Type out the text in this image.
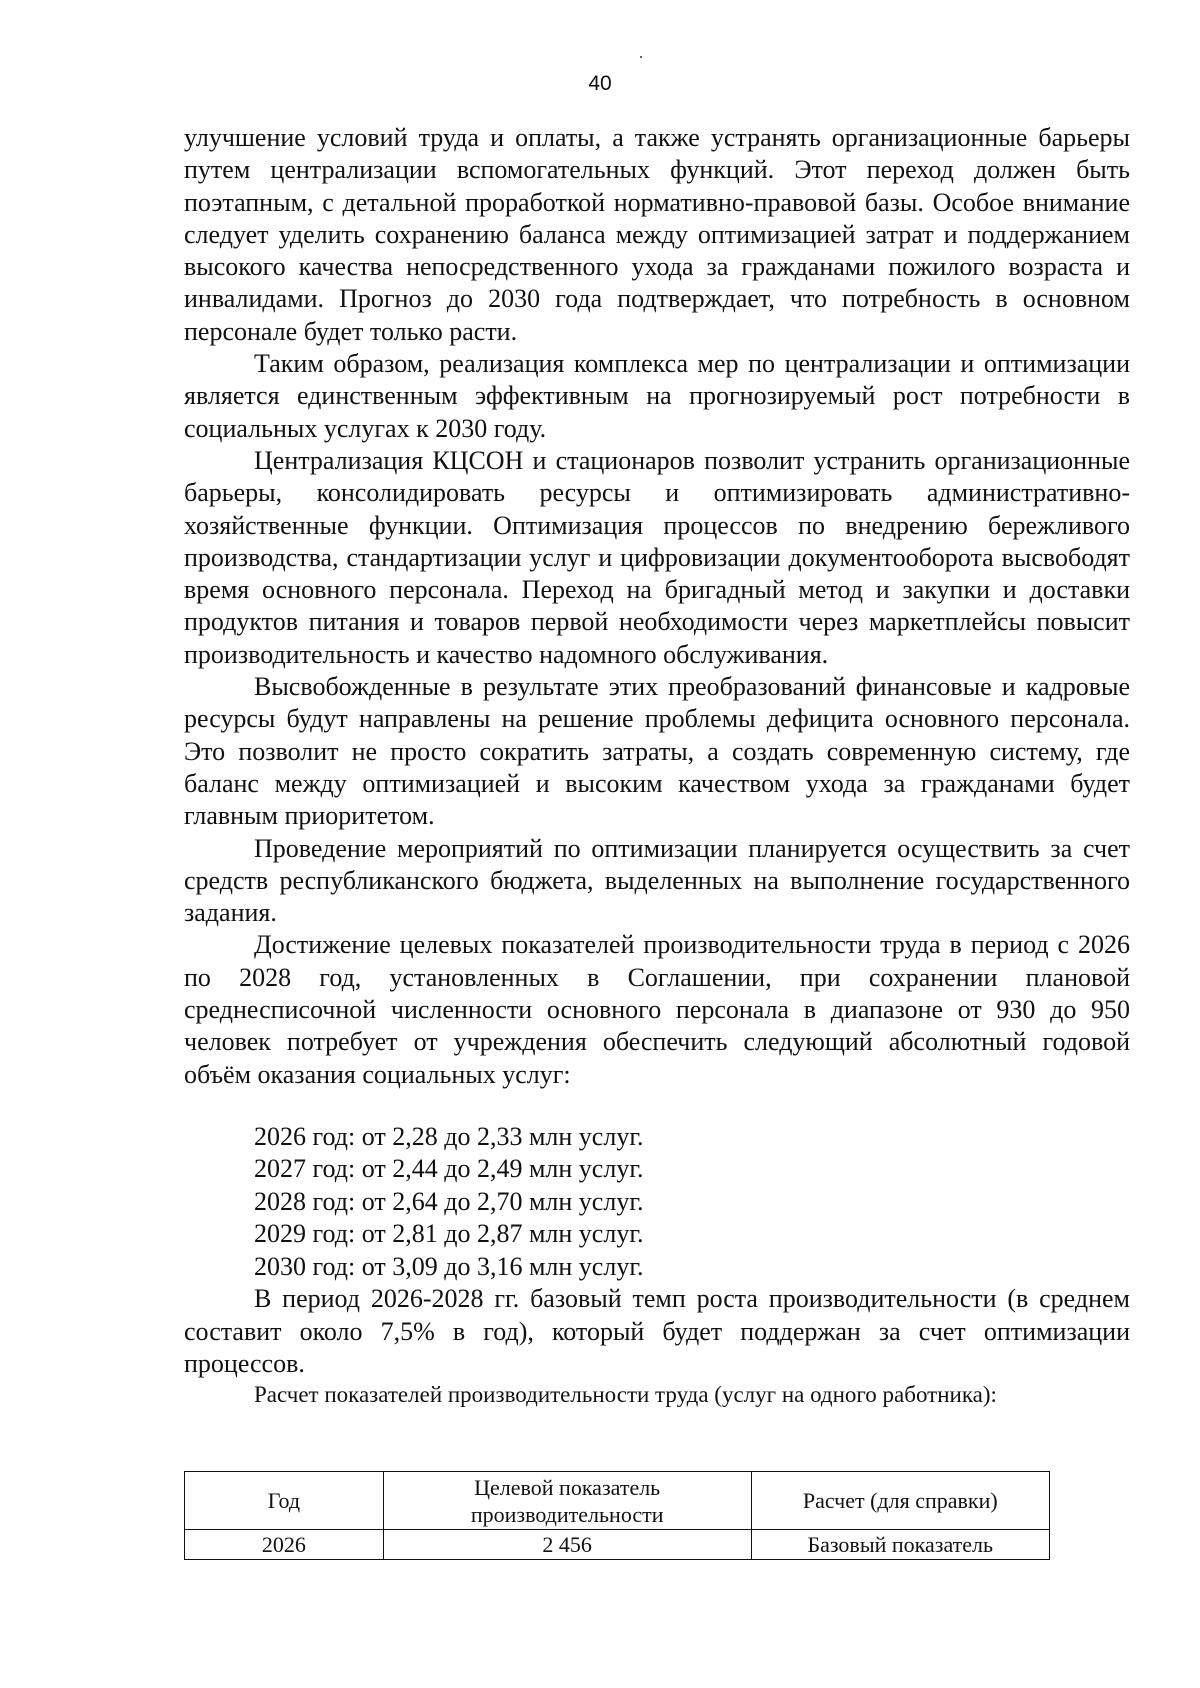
40

улучшение условий труда и оплаты, а также устранять организационные барьеры путем централизации вспомогательных функций. Этот переход должен быть поэтапным, с детальной проработкой нормативно-правовой базы. Особое внимание следует уделить сохранению баланса между оптимизацией затрат и поддержанием высокого качества непосредственного ухода за гражданами пожилого возраста и инвалидами. Прогноз до 2030 года подтверждает, что потребность в основном персонале будет только расти.

Таким образом, реализация комплекса мер по централизации и оптимизации является единственным эффективным на прогнозируемый рост потребности в социальных услугах к 2030 году.

Централизация КЦСОН и стационаров позволит устранить организационные барьеры, консолидировать ресурсы и оптимизировать административно-хозяйственные функции. Оптимизация процессов по внедрению бережливого производства, стандартизации услуг и цифровизации документооборота высвободят время основного персонала. Переход на бригадный метод и закупки и доставки продуктов питания и товаров первой необходимости через маркетплейсы повысит производительность и качество надомного обслуживания.

Высвобожденные в результате этих преобразований финансовые и кадровые ресурсы будут направлены на решение проблемы дефицита основного персонала. Это позволит не просто сократить затраты, а создать современную систему, где баланс между оптимизацией и высоким качеством ухода за гражданами будет главным приоритетом.

Проведение мероприятий по оптимизации планируется осуществить за счет средств республиканского бюджета, выделенных на выполнение государственного задания.

Достижение целевых показателей производительности труда в период с 2026 по 2028 год, установленных в Соглашении, при сохранении плановой среднесписочной численности основного персонала в диапазоне от 930 до 950 человек потребует от учреждения обеспечить следующий абсолютный годовой объём оказания социальных услуг:

2026 год: от 2,28 до 2,33 млн услуг.
2027 год: от 2,44 до 2,49 млн услуг.
2028 год: от 2,64 до 2,70 млн услуг.
2029 год: от 2,81 до 2,87 млн услуг.
2030 год: от 3,09 до 3,16 млн услуг.

В период 2026-2028 гг. базовый темп роста производительности (в среднем составит около 7,5% в год), который будет поддержан за счет оптимизации процессов.

Расчет показателей производительности труда (услуг на одного работника):
Год	Целевой показатель производительности	Расчет (для справки)
2026	2 456	Базовый показатель
